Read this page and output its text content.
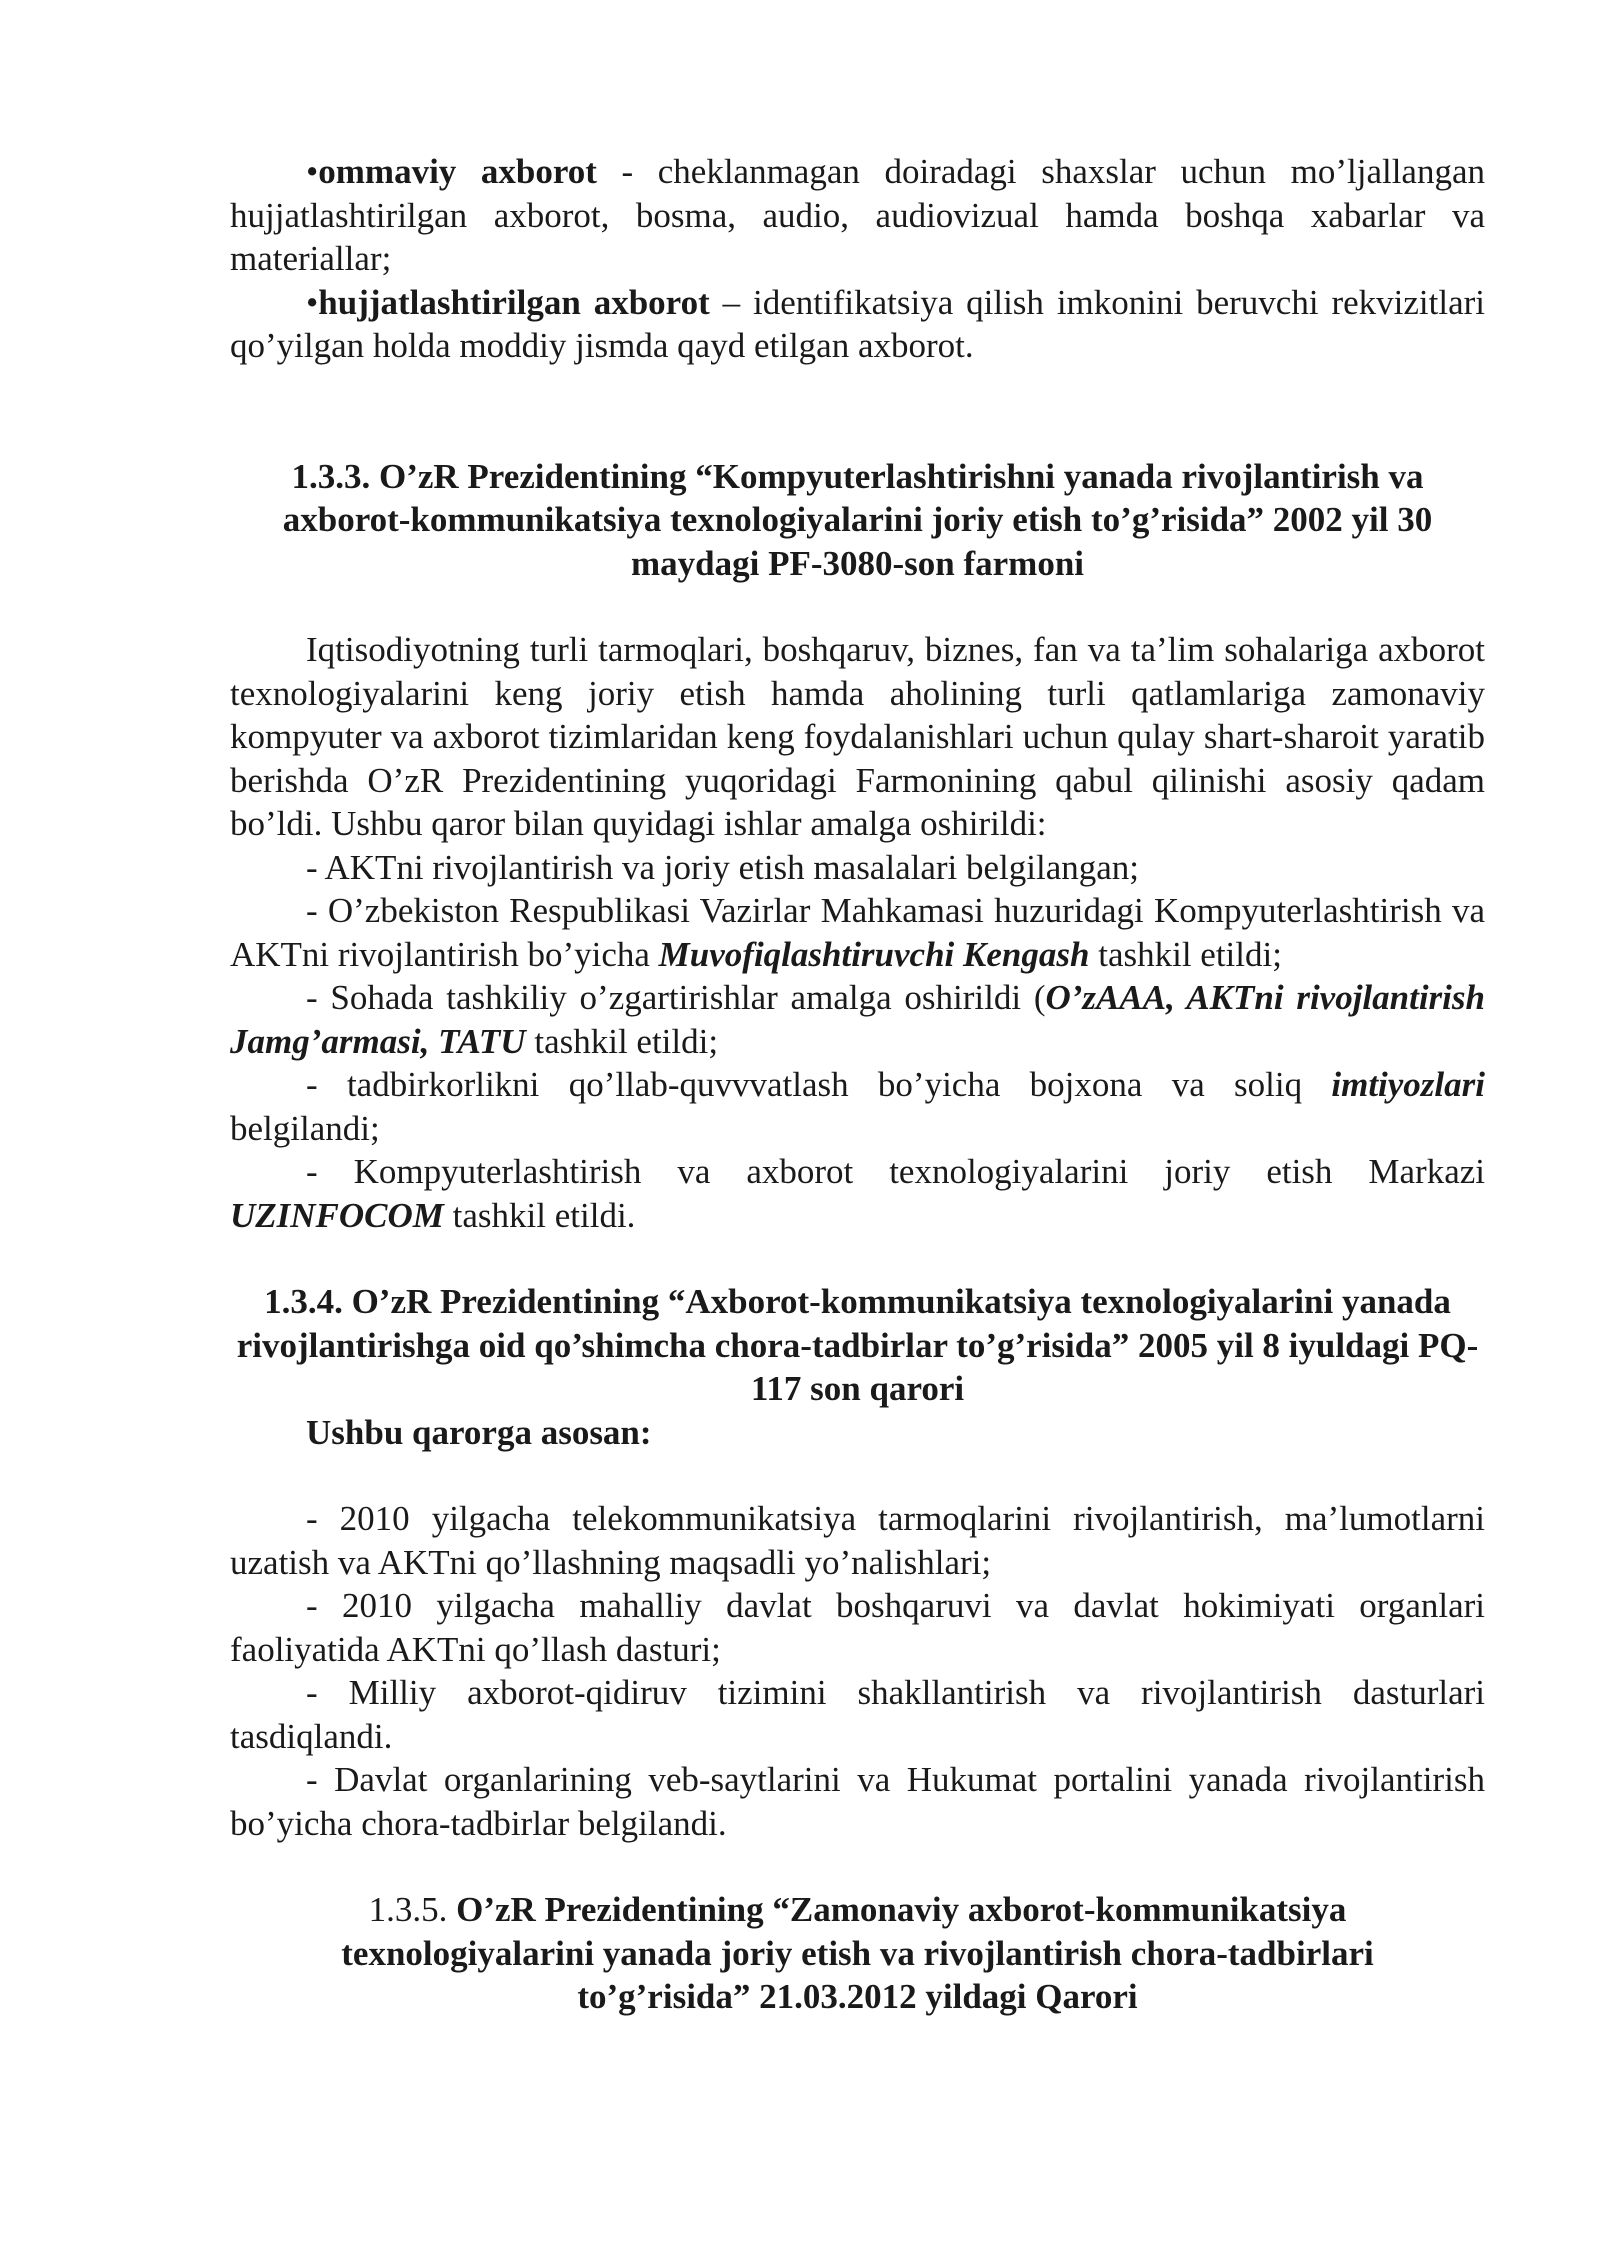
•ommaviy axborot - cheklanmagan doiradagi shaxslar uchun mo’ljallangan hujjatlashtirilgan axborot, bosma, audio, audiovizual hamda boshqa xabarlar va materiallar;

•hujjatlashtirilgan axborot – identifikatsiya qilish imkonini beruvchi rekvizitlari qo’yilgan holda moddiy jismda qayd etilgan axborot.

1.3.3. O’zR Prezidentining “Kompyuterlashtirishni yanada rivojlantirish va axborot-kommunikatsiya texnologiyalarini joriy etish to’g’risida” 2002 yil 30 maydagi PF-3080-son farmoni

Iqtisodiyotning turli tarmoqlari, boshqaruv, biznes, fan va ta’lim sohalariga axborot texnologiyalarini keng joriy etish hamda aholining turli qatlamlariga zamonaviy kompyuter va axborot tizimlaridan keng foydalanishlari uchun qulay shart-sharoit yaratib berishda O’zR Prezidentining yuqoridagi Farmonining qabul qilinishi asosiy qadam bo’ldi. Ushbu qaror bilan quyidagi ishlar amalga oshirildi:

- AKTni rivojlantirish va joriy etish masalalari belgilangan;

- O’zbekiston Respublikasi Vazirlar Mahkamasi huzuridagi Kompyuterlashtirish va AKTni rivojlantirish bo’yicha Muvofiqlashtiruvchi Kengash tashkil etildi;

- Sohada tashkiliy o’zgartirishlar amalga oshirildi (O’zAAA, AKTni rivojlantirish Jamg’armasi, TATU tashkil etildi;

- tadbirkorlikni qo’llab-quvvvatlash bo’yicha bojxona va soliq imtiyozlari belgilandi;

- Kompyuterlashtirish va axborot texnologiyalarini joriy etish Markazi UZINFOCOM tashkil etildi.

1.3.4. O’zR Prezidentining “Axborot-kommunikatsiya texnologiyalarini yanada rivojlantirishga oid qo’shimcha chora-tadbirlar to’g’risida” 2005 yil 8 iyuldagi PQ-117 son qarori

Ushbu qarorga asosan:

- 2010 yilgacha telekommunikatsiya tarmoqlarini rivojlantirish, ma’lumotlarni uzatish va AKTni qo’llashning maqsadli yo’nalishlari;

- 2010 yilgacha mahalliy davlat boshqaruvi va davlat hokimiyati organlari faoliyatida AKTni qo’llash dasturi;

- Milliy axborot-qidiruv tizimini shakllantirish va rivojlantirish dasturlari tasdiqlandi.

- Davlat organlarining veb-saytlarini va Hukumat portalini yanada rivojlantirish bo’yicha chora-tadbirlar belgilandi.

1.3.5. O’zR Prezidentining “Zamonaviy axborot-kommunikatsiya texnologiyalarini yanada joriy etish va rivojlantirish chora-tadbirlari to’g’risida” 21.03.2012 yildagi Qarori
